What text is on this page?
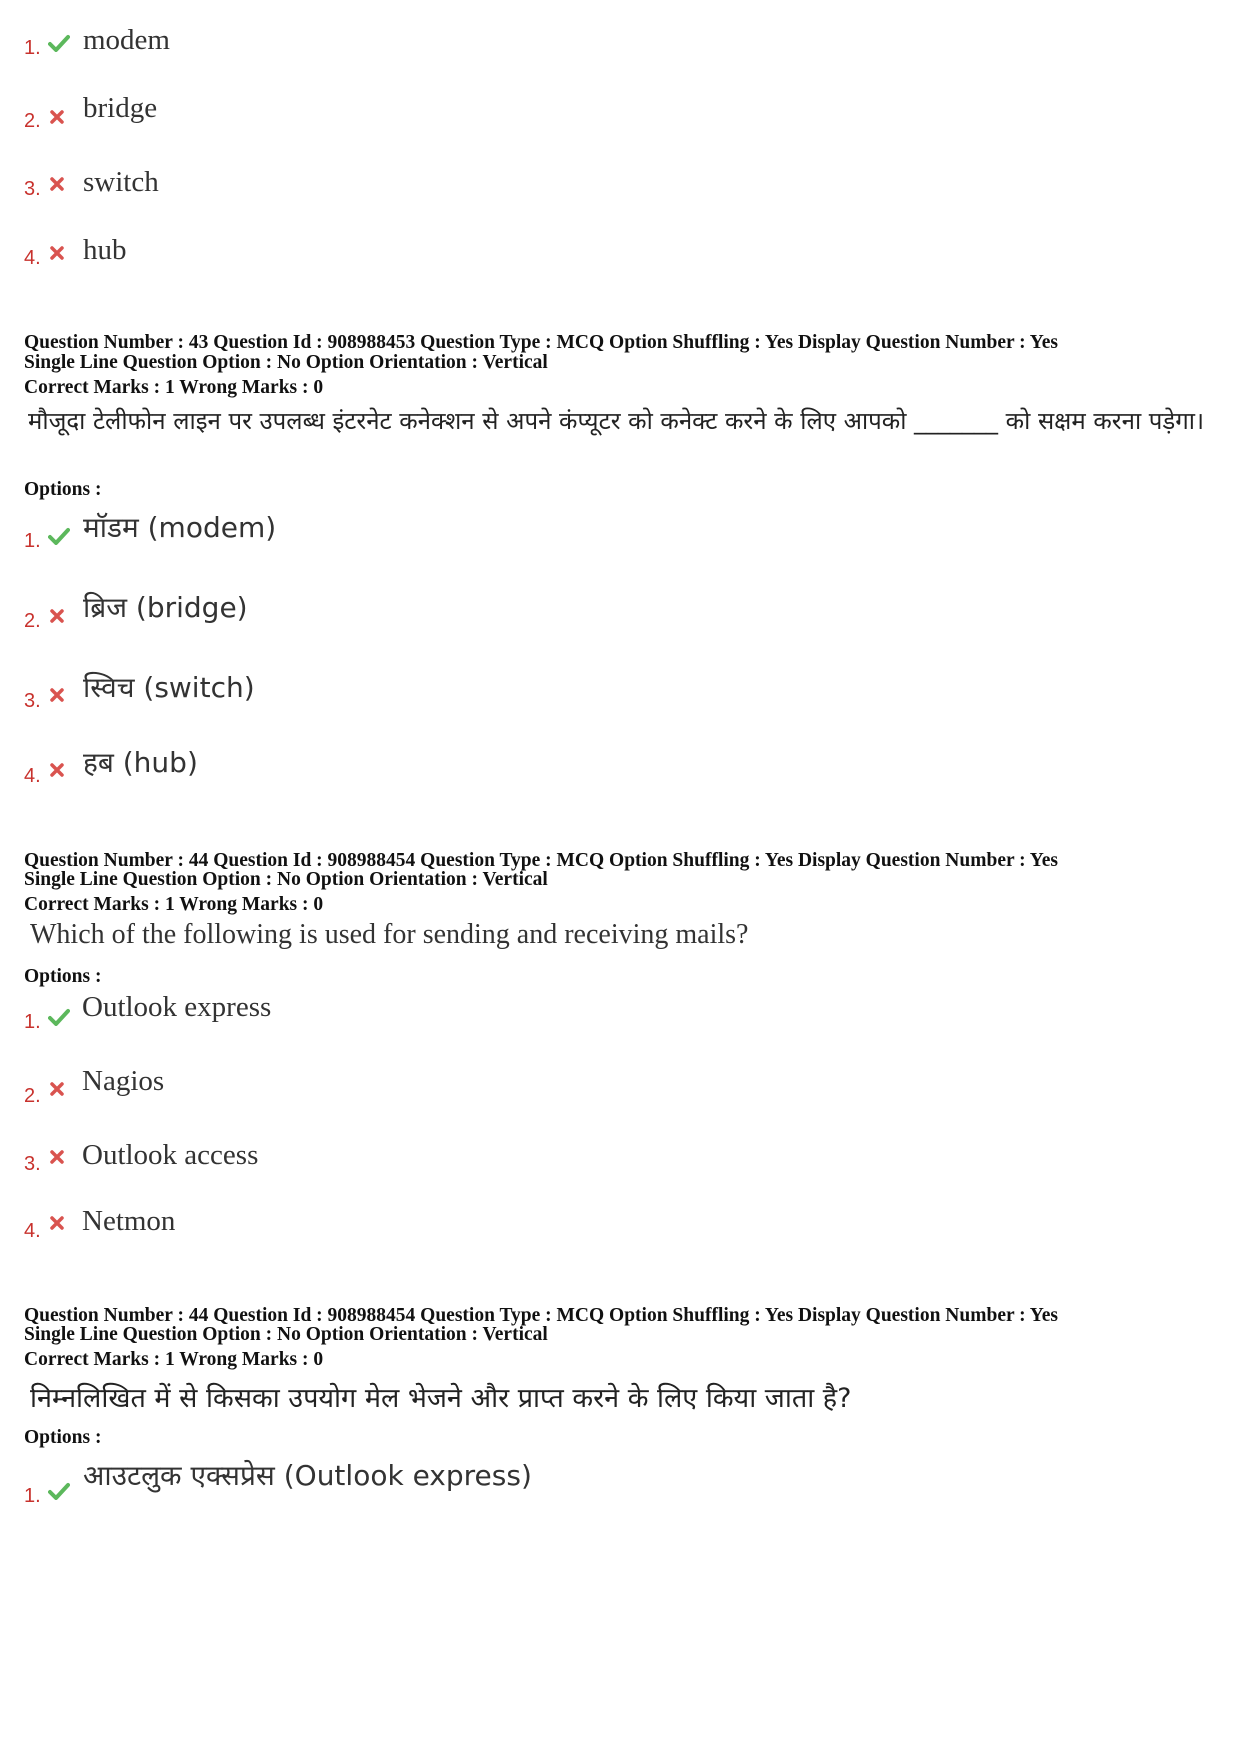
1. modem
2. bridge
3. switch
4. hub
Question Number : 43 Question Id : 908988453 Question Type : MCQ Option Shuffling : Yes Display Question Number : Yes
Single Line Question Option : No Option Orientation : Vertical
Correct Marks : 1 Wrong Marks : 0
मौजूदा टेलीफोन लाइन पर उपलब्ध इंटरनेट कनेक्शन से अपने कंप्यूटर को कनेक्ट करने के लिए आपको _______ को सक्षम करना पड़ेगा।
Options :
1. मॉडम (modem)
2. ब्रिज (bridge)
3. स्विच (switch)
4. हब (hub)
Question Number : 44 Question Id : 908988454 Question Type : MCQ Option Shuffling : Yes Display Question Number : Yes
Single Line Question Option : No Option Orientation : Vertical
Correct Marks : 1 Wrong Marks : 0
Which of the following is used for sending and receiving mails?
Options :
1. Outlook express
2. Nagios
3. Outlook access
4. Netmon
Question Number : 44 Question Id : 908988454 Question Type : MCQ Option Shuffling : Yes Display Question Number : Yes
Single Line Question Option : No Option Orientation : Vertical
Correct Marks : 1 Wrong Marks : 0
निम्नलिखित में से किसका उपयोग मेल भेजने और प्राप्त करने के लिए किया जाता है?
Options :
1.
आउटलुक एक्सप्रेस (Outlook express)
